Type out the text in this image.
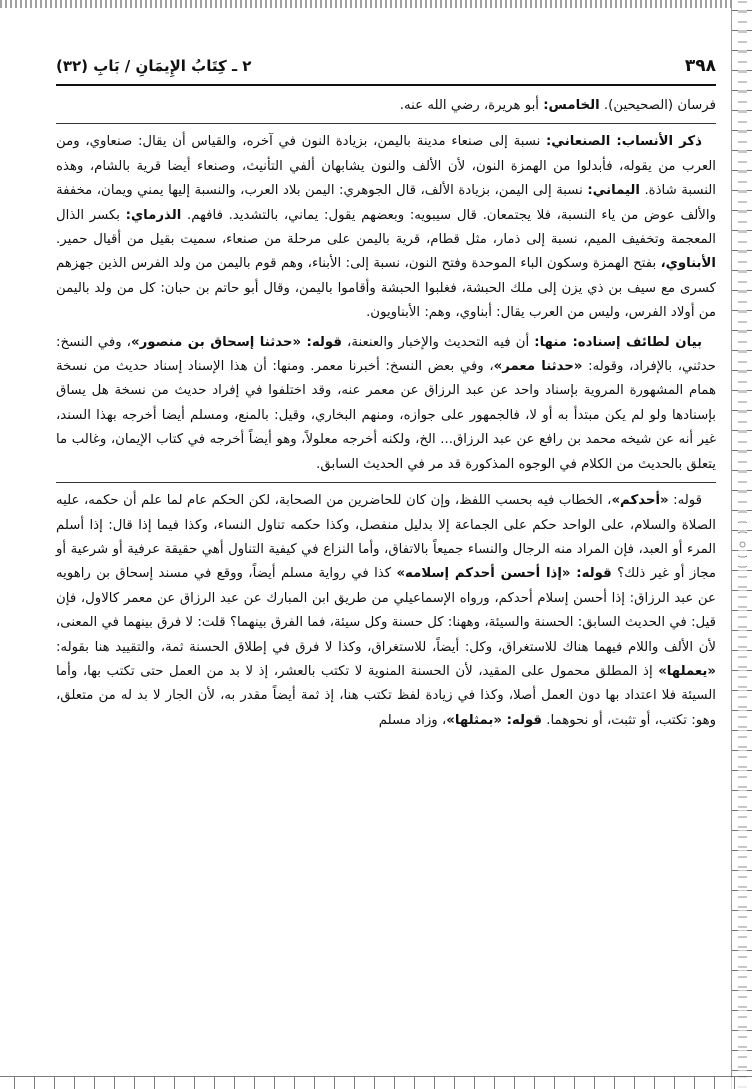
٣٩٨
٢ ـ كِتَابُ الإِيمَانِ / بَابِ (٣٢)

فرسان (الصحيحين). الخامس: أبو هريرة، رضي الله عنه.

ذكر الأنساب: الصنعاني: نسبة إلى صنعاء مدينة باليمن، بزيادة النون في آخره، والقياس أن يقال: صنعاوي، ومن العرب من يقوله، فأبدلوا من الهمزة النون، لأن الألف والنون يشابهان ألفي التأنيث، وصنعاء أيضا قرية بالشام، وهذه النسبة شاذة. اليماني: نسبة إلى اليمن، بزيادة الألف، قال الجوهري: اليمن بلاد العرب، والنسبة إليها يمني ويمان، مخففة والألف عوض من ياء النسبة، فلا يجتمعان. قال سيبويه: وبعضهم يقول: يماني، بالتشديد. فافهم. الذرماي: بكسر الذال المعجمة وتخفيف الميم، نسبة إلى ذمار، مثل قطام، قرية باليمن على مرحلة من صنعاء، سميت بقيل من أقيال حمير. الأبناوي، بفتح الهمزة وسكون الباء الموحدة وفتح النون، نسبة إلى: الأبناء، وهم قوم باليمن من ولد الفرس الذين جهزهم كسرى مع سيف بن ذي يزن إلى ملك الحبشة، فغلبوا الحبشة وأقاموا باليمن، وقال أبو حاتم بن حبان: كل من ولد باليمن من أولاد الفرس، وليس من العرب يقال: أبناوي، وهم: الأبناويون.

بيان لطائف إسناده: منها: أن فيه التحديث والإخبار والعنعنة، قوله: «حدثنا إسحاق بن منصور»، وفي النسخ: حدثني، بالإفراد، وقوله: «حدثنا معمر»، وفي بعض النسخ: أخبرنا معمر. ومنها: أن هذا الإسناد إسناد حديث من نسخة همام المشهورة المروية بإسناد واحد عن عبد الرزاق عن معمر عنه، وقد اختلفوا في إفراد حديث من نسخة هل يساق بإسنادها ولو لم يكن مبتدأ به أو لا، فالجمهور على جوازه، ومنهم البخاري، وقيل: بالمنع، ومسلم أيضا أخرجه بهذا السند، غير أنه عن شيخه محمد بن رافع عن عبد الرزاق... الخ، ولكنه أخرجه معلولاً، وهو أيضاً أخرجه في كتاب الإيمان، وغالب ما يتعلق بالحديث من الكلام في الوجوه المذكورة قد مر في الحديث السابق.

قوله: «أحدكم»، الخطاب فيه بحسب اللفظ، وإن كان للحاضرين من الصحابة، لكن الحكم عام لما علم أن حكمه، عليه الصلاة والسلام، على الواحد حكم على الجماعة إلا بدليل منفصل، وكذا حكمه تناول النساء، وكذا فيما إذا قال: إذا أسلم المرء أو العبد، فإن المراد منه الرجال والنساء جميعاً بالاتفاق، وأما النزاع في كيفية التناول أهي حقيقة عرفية أو شرعية أو مجاز أو غير ذلك؟ قوله: «إذا أحسن أحدكم إسلامه» كذا في رواية مسلم أيضاً، ووقع في مسند إسحاق بن راهويه عن عبد الرزاق: إذا أحسن إسلام أحدكم، ورواه الإسماعيلي من طريق ابن المبارك عن عبد الرزاق عن معمر كالاول، فإن قيل: في الحديث السابق: الحسنة والسيئة، وههنا: كل حسنة وكل سيئة، فما الفرق بينهما؟ قلت: لا فرق بينهما في المعنى، لأن الألف واللام فيهما هناك للاستغراق، وكل: أيضاً، للاستغراق، وكذا لا فرق في إطلاق الحسنة ثمة، والتقييد هنا بقوله: «يعملها» إذ المطلق محمول على المقيد، لأن الحسنة المنوية لا تكتب بالعشر، إذ لا بد من العمل حتى تكتب بها، وأما السيئة فلا اعتداد بها دون العمل أصلا، وكذا في زيادة لفظ تكتب هنا، إذ ثمة أيضاً مقدر به، لأن الجار لا بد له من متعلق، وهو: تكتب، أو تثبت، أو نحوهما. قوله: «بمثلها»، وزاد مسلم
